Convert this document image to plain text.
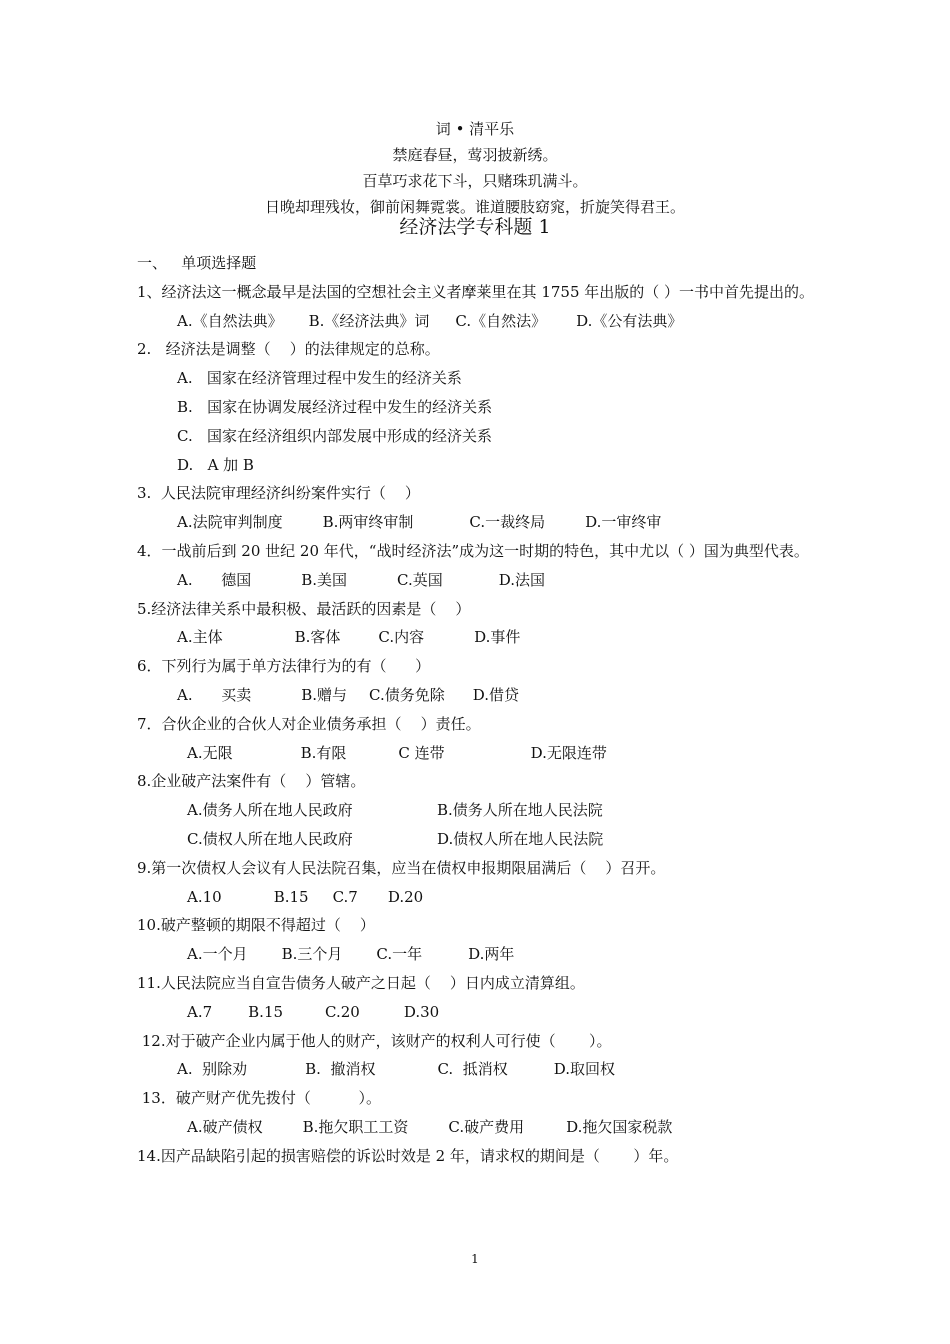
词 • 清平乐
禁庭春昼，莺羽披新绣。
百草巧求花下斗，只赌珠玑满斗。
日晚却理残妆，御前闲舞霓裳。谁道腰肢窈窕，折旋笑得君王。
经济法学专科题 1
一、   单项选择题
1、经济法这一概念最早是法国的空想社会主义者摩莱里在其 1755 年出版的（ ）一书中首先提出的。
A.《自然法典》 B.《经济法典》词 C.《自然法》 D.《公有法典》
2.   经济法是调整（    ）的法律规定的总称。
A.   国家在经济管理过程中发生的经济关系
B.   国家在协调发展经济过程中发生的经济关系
C.   国家在经济组织内部发展中形成的经济关系
D.   A 加 B
3.  人民法院审理经济纠纷案件实行（    ）
A.法院审判制度	B.两审终审制	C.一裁终局	D.一审终审
4．一战前后到 20 世纪 20 年代，“战时经济法”成为这一时期的特色，其中尤以（ ）国为典型代表。
A.      德国	B.美国	C.英国	D.法国
5.经济法律关系中最积极、最活跃的因素是（    ）
A.主体	B.客体	C.内容	D.事件
6．下列行为属于单方法律行为的有（      ）
A.      买卖	B.赠与 C.债务免除 D.借贷
7．合伙企业的合伙人对企业债务承担（    ）责任。
A.无限	B.有限	C 连带	D.无限连带
8.企业破产法案件有（    ）管辖。
A.债务人所在地人民政府	B.债务人所在地人民法院
C.债权人所在地人民政府	D.债权人所在地人民法院
9.第一次债权人会议有人民法院召集，应当在债权申报期限届满后（    ）召开。
A.10	B.15 C.7 D.20
10.破产整顿的期限不得超过（    ）
A.一个月 B.三个月 C.一年	D.两年
11.人民法院应当自宣告债务人破产之日起（    ）日内成立清算组。
A.7 B.15	C.20	D.30
12.对于破产企业内属于他人的财产，该财产的权利人可行使（       ）。
A.  别除劝	B.  撤消权	C.  抵消权	D.取回权
13．破产财产优先拨付（          ）。
A.破产债权	B.拖欠职工工资	C.破产费用	D.拖欠国家税款
14.因产品缺陷引起的损害赔偿的诉讼时效是 2 年，请求权的期间是（       ）年。
1
